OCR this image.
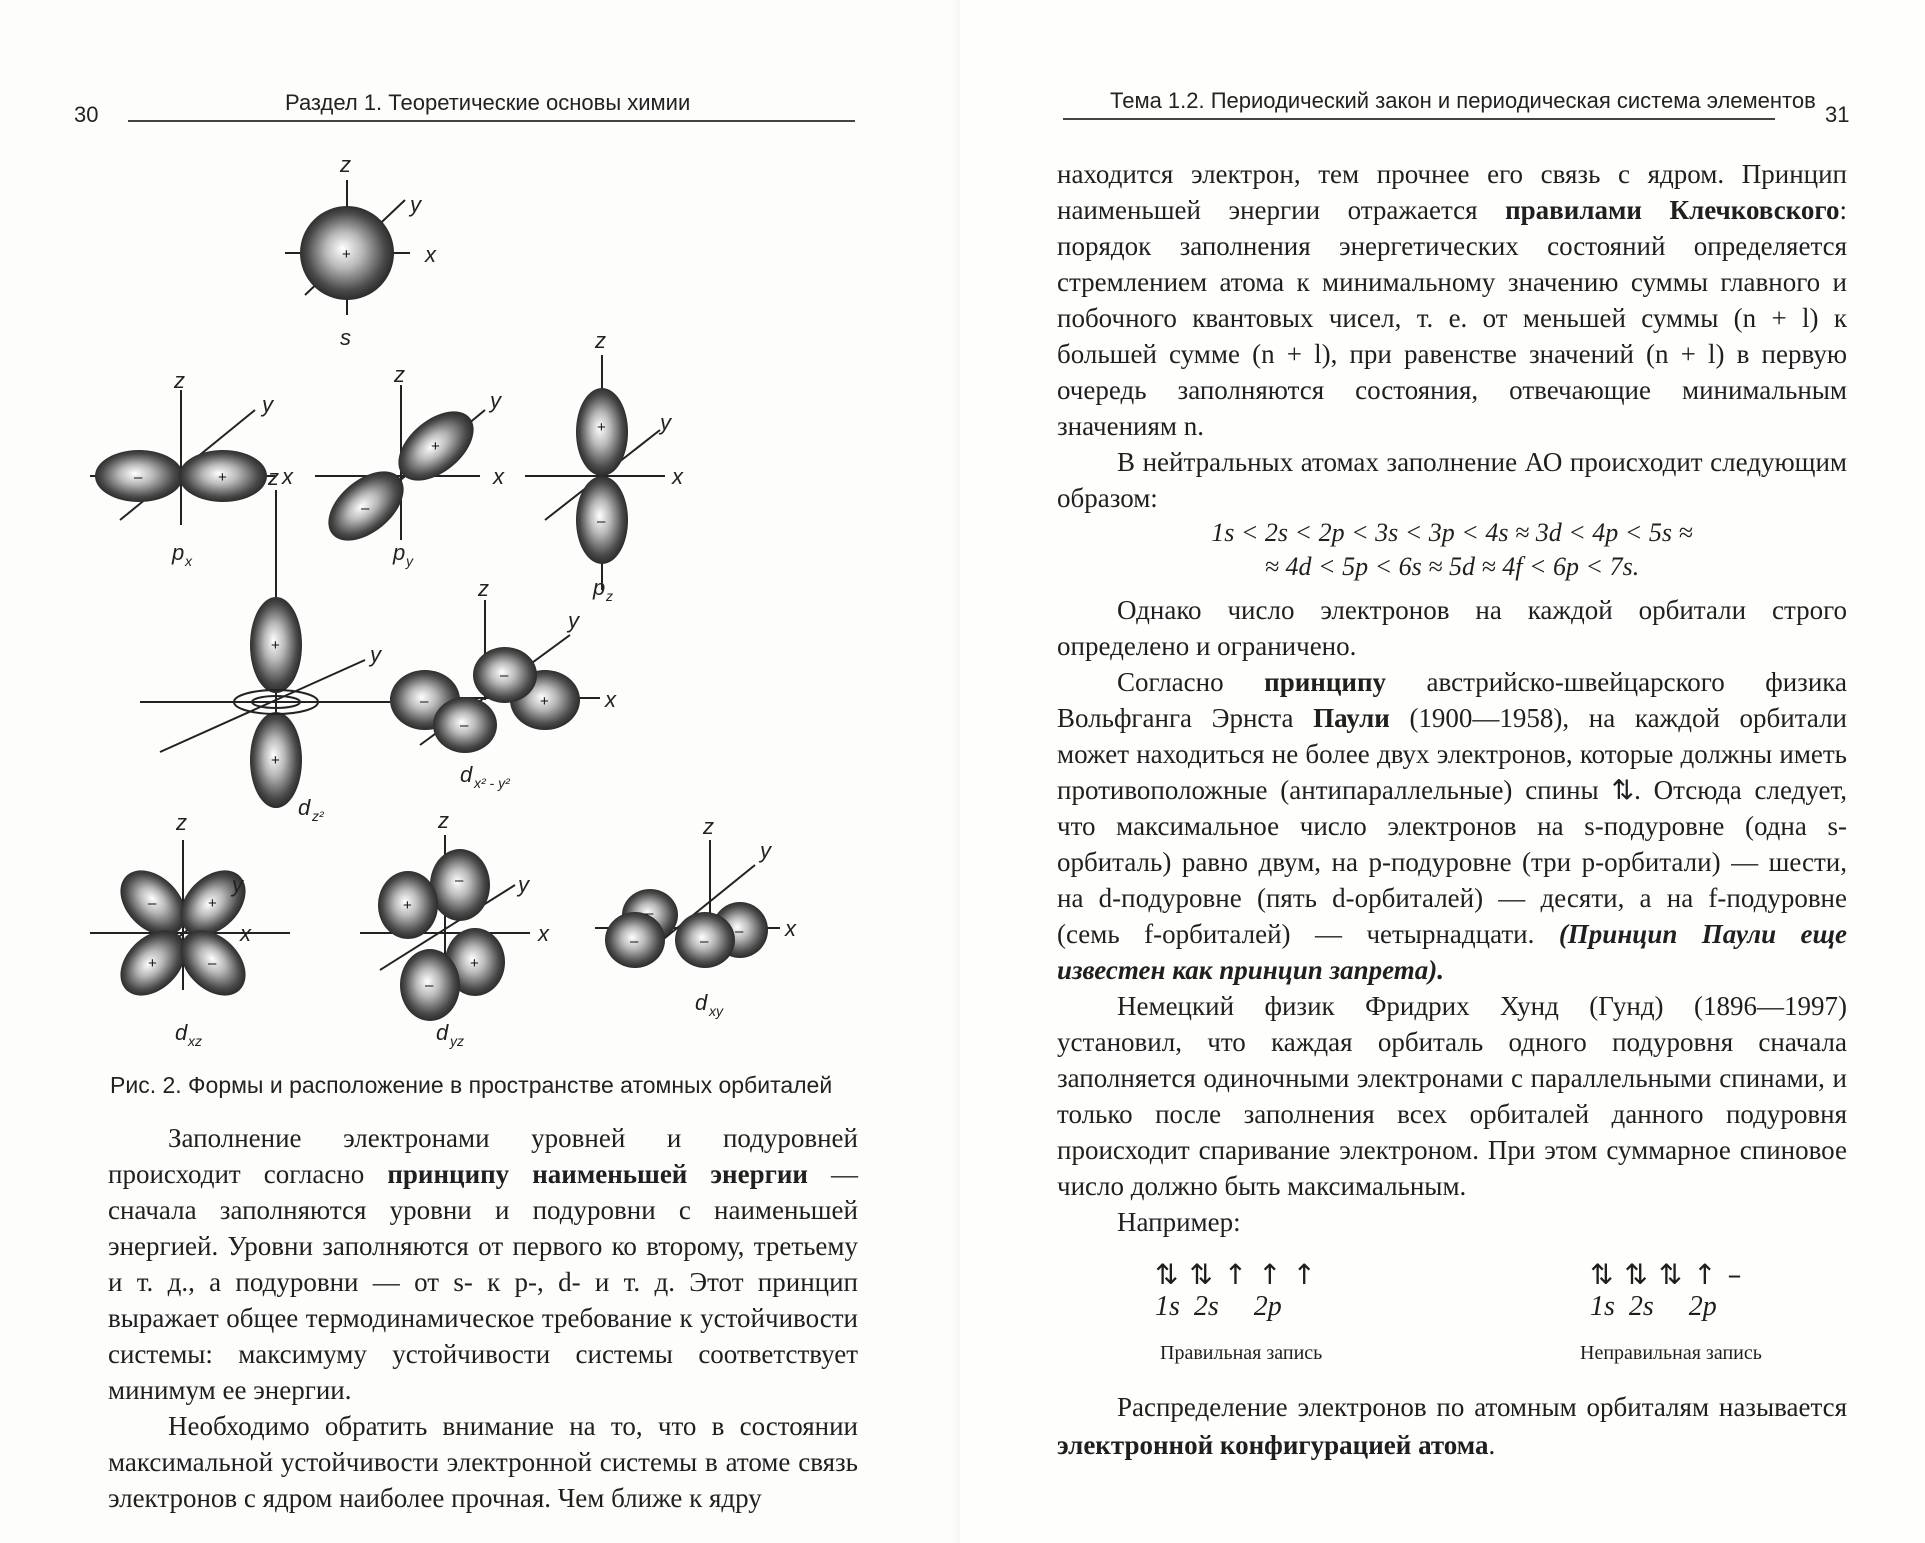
30	Раздел 1. Теоретические основы химии
+
z
y
x
s
–	+
z
y
x
p x
–
+
z
y
x
p y
+
–
z
y
x
p z
+
+
z
y
d z²
–	+
–
–
z
y
x
d x² - y²
–	+
+	–
z
y
x
d xz
+
–
+
–
z
y
x
d yz
–
–
–
–
z
y
x
d xy
Рис. 2. Формы и расположение в пространстве атомных орбиталей

Заполнение электронами уровней и подуровней происходит согласно принципу наименьшей энергии — сначала заполняются уровни и подуровни с наименьшей энергией. Уровни заполняются от первого ко второму, третьему и т. д., а подуровни — от s- к p-, d- и т. д. Этот принцип выражает общее термодинамическое требование к устойчивости системы: максимуму устойчивости системы соответствует минимум ее энергии.

Необходимо обратить внимание на то, что в состоянии максимальной устойчивости электронной системы в атоме связь электронов с ядром наиболее прочная. Чем ближе к ядру

Тема 1.2. Периодический закон и периодическая система элементов
31

находится электрон, тем прочнее его связь с ядром. Принцип наименьшей энергии отражается правилами Клечковского: порядок заполнения энергетических состояний определяется стремлением атома к минимальному значению суммы главного и побочного квантовых чисел, т. е. от меньшей суммы (n + l) к большей сумме (n + l), при равенстве значений (n + l) в первую очередь заполняются состояния, отвечающие минимальным значениям n.

В нейтральных атомах заполнение АО происходит следующим образом:

1s < 2s < 2p < 3s < 3p < 4s ≈ 3d < 4p < 5s ≈
≈ 4d < 5p < 6s ≈ 5d ≈ 4f < 6p < 7s.

Однако число электронов на каждой орбитали строго определено и ограничено.

Согласно принципу австрийско-швейцарского физика Вольфганга Эрнста Паули (1900—1958), на каждой орбитали может находиться не более двух электронов, которые должны иметь противоположные (антипараллельные) спины ⇅. Отсюда следует, что максимальное число электронов на s-подуровне (одна s-орбиталь) равно двум, на p-подуровне (три p-орбитали) — шести, на d-подуровне (пять d-орбиталей) — десяти, а на f-подуровне (семь f-орбиталей) — четырнадцати. (Принцип Паули еще известен как принцип запрета).

Немецкий физик Фридрих Хунд (Гунд) (1896—1997) установил, что каждая орбиталь одного подуровня сначала заполняется одиночными электронами с параллельными спинами, и только после заполнения всех орбиталей данного подуровня происходит спаривание электроном. При этом суммарное спиновое число должно быть максимальным.

Например:

⇅ ⇅ ↑ ↑ ↑
1s  2s     2p
Правильная запись
⇅ ⇅ ⇅ ↑ –
1s  2s     2p
Неправильная запись
Распределение электронов по атомным орбиталям называется электронной конфигурацией атома.
